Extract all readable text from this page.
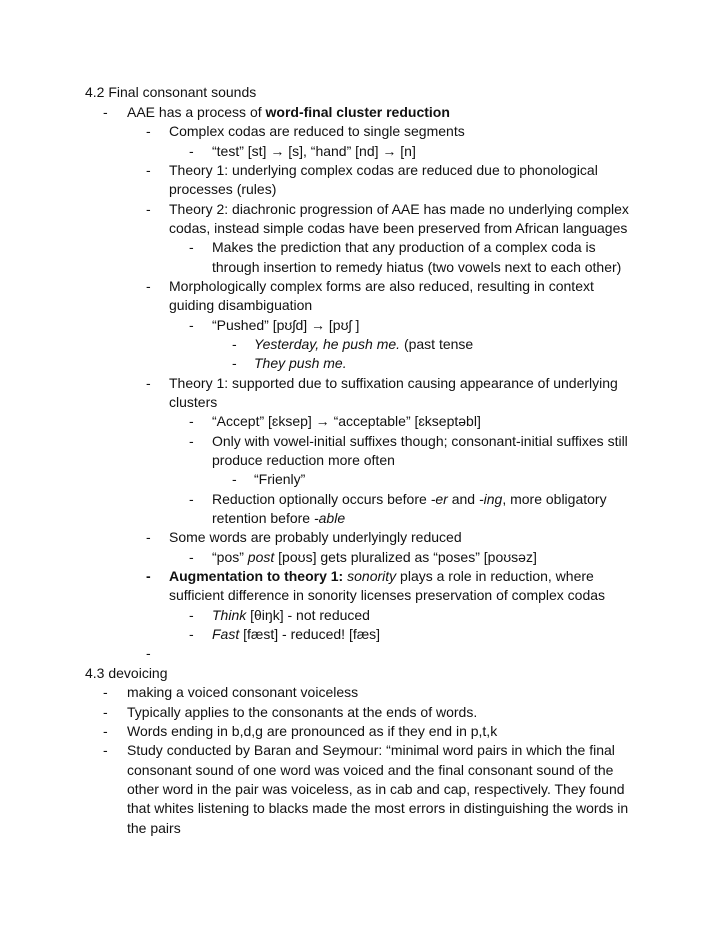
4.2 Final consonant sounds
-	AAE has a process of word-final cluster reduction
-	Complex codas are reduced to single segments
-	“test” [st] → [s], “hand” [nd] → [n]
-	Theory 1: underlying complex codas are reduced due to phonological
processes (rules)
-	Theory 2: diachronic progression of AAE has made no underlying complex
codas, instead simple codas have been preserved from African languages
-	Makes the prediction that any production of a complex coda is
through insertion to remedy hiatus (two vowels next to each other)
-	Morphologically complex forms are also reduced, resulting in context
guiding disambiguation
-	“Pushed” [pʊʃd] → [pʊʃ ]
-	Yesterday, he push me. (past tense
-	They push me.
-	Theory 1: supported due to suffixation causing appearance of underlying
clusters
-	“Accept” [ɛksep] → “acceptable” [ɛkseptəbl]
-	Only with vowel-initial suffixes though; consonant-initial suffixes still
produce reduction more often
-	“Frienly”
-	Reduction optionally occurs before -er and -ing, more obligatory
retention before -able
-	Some words are probably underlyingly reduced
-	“pos” post [poʊs] gets pluralized as “poses” [poʊsəz]
-	Augmentation to theory 1: sonority plays a role in reduction, where
sufficient difference in sonority licenses preservation of complex codas
-	Think [θiŋk] - not reduced
-	Fast [fæst] - reduced! [fæs]
-
4.3 devoicing
-	making a voiced consonant voiceless
-	Typically applies to the consonants at the ends of words.
-	Words ending in b,d,g are pronounced as if they end in p,t,k
-	Study conducted by Baran and Seymour: “minimal word pairs in which the final
consonant sound of one word was voiced and the final consonant sound of the
other word in the pair was voiceless, as in cab and cap, respectively. They found
that whites listening to blacks made the most errors in distinguishing the words in
the pairs
